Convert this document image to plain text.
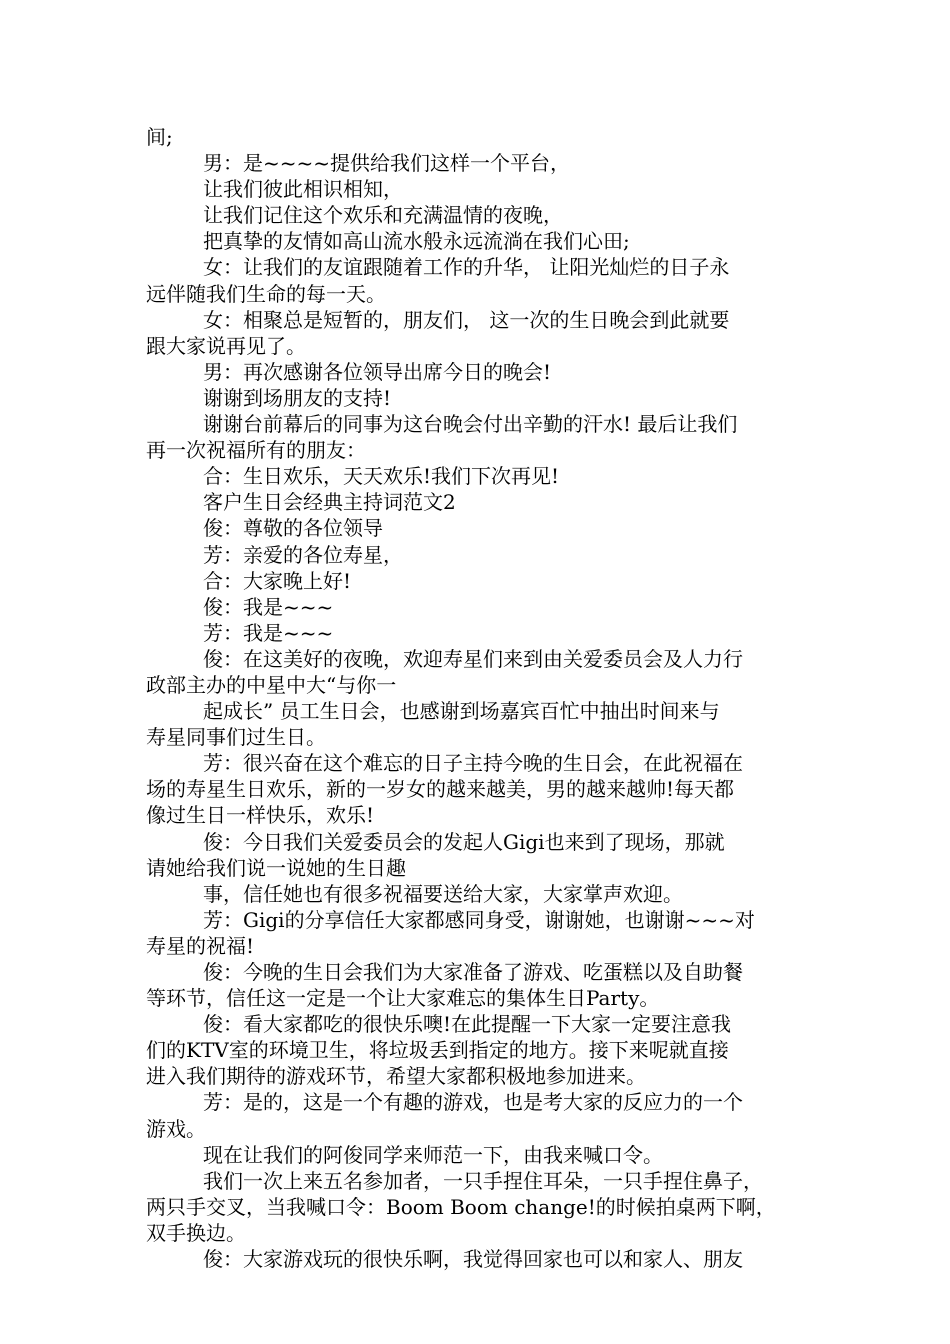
间;
男：是~~~~提供给我们这样一个平台，
让我们彼此相识相知，
让我们记住这个欢乐和充满温情的夜晚，
把真挚的友情如高山流水般永远流淌在我们心田;
女：让我们的友谊跟随着工作的升华， 让阳光灿烂的日子永
远伴随我们生命的每一天。
女：相聚总是短暂的，朋友们， 这一次的生日晚会到此就要
跟大家说再见了。
男：再次感谢各位领导出席今日的晚会!
谢谢到场朋友的支持!
谢谢台前幕后的同事为这台晚会付出辛勤的汗水! 最后让我们
再一次祝福所有的朋友：
合：生日欢乐，天天欢乐!我们下次再见!
客户生日会经典主持词范文2
俊：尊敬的各位领导
芳：亲爱的各位寿星，
合：大家晚上好!
俊：我是~~~
芳：我是~~~
俊：在这美好的夜晚，欢迎寿星们来到由关爱委员会及人力行
政部主办的中星中大“与你一
起成长” 员工生日会，也感谢到场嘉宾百忙中抽出时间来与
寿星同事们过生日。
芳：很兴奋在这个难忘的日子主持今晚的生日会，在此祝福在
场的寿星生日欢乐，新的一岁女的越来越美，男的越来越帅!每天都
像过生日一样快乐，欢乐!
俊：今日我们关爱委员会的发起人Gigi也来到了现场，那就
请她给我们说一说她的生日趣
事，信任她也有很多祝福要送给大家，大家掌声欢迎。
芳：Gigi的分享信任大家都感同身受，谢谢她，也谢谢~~~对
寿星的祝福!
俊：今晚的生日会我们为大家准备了游戏、吃蛋糕以及自助餐
等环节，信任这一定是一个让大家难忘的集体生日Party。
俊：看大家都吃的很快乐噢!在此提醒一下大家一定要注意我
们的KTV室的环境卫生，将垃圾丢到指定的地方。接下来呢就直接
进入我们期待的游戏环节，希望大家都积极地参加进来。
芳：是的，这是一个有趣的游戏，也是考大家的反应力的一个
游戏。
现在让我们的阿俊同学来师范一下，由我来喊口令。
我们一次上来五名参加者，一只手捏住耳朵，一只手捏住鼻子，
两只手交叉，当我喊口令：Boom Boom change!的时候拍桌两下啊，
双手换边。
俊：大家游戏玩的很快乐啊，我觉得回家也可以和家人、朋友
